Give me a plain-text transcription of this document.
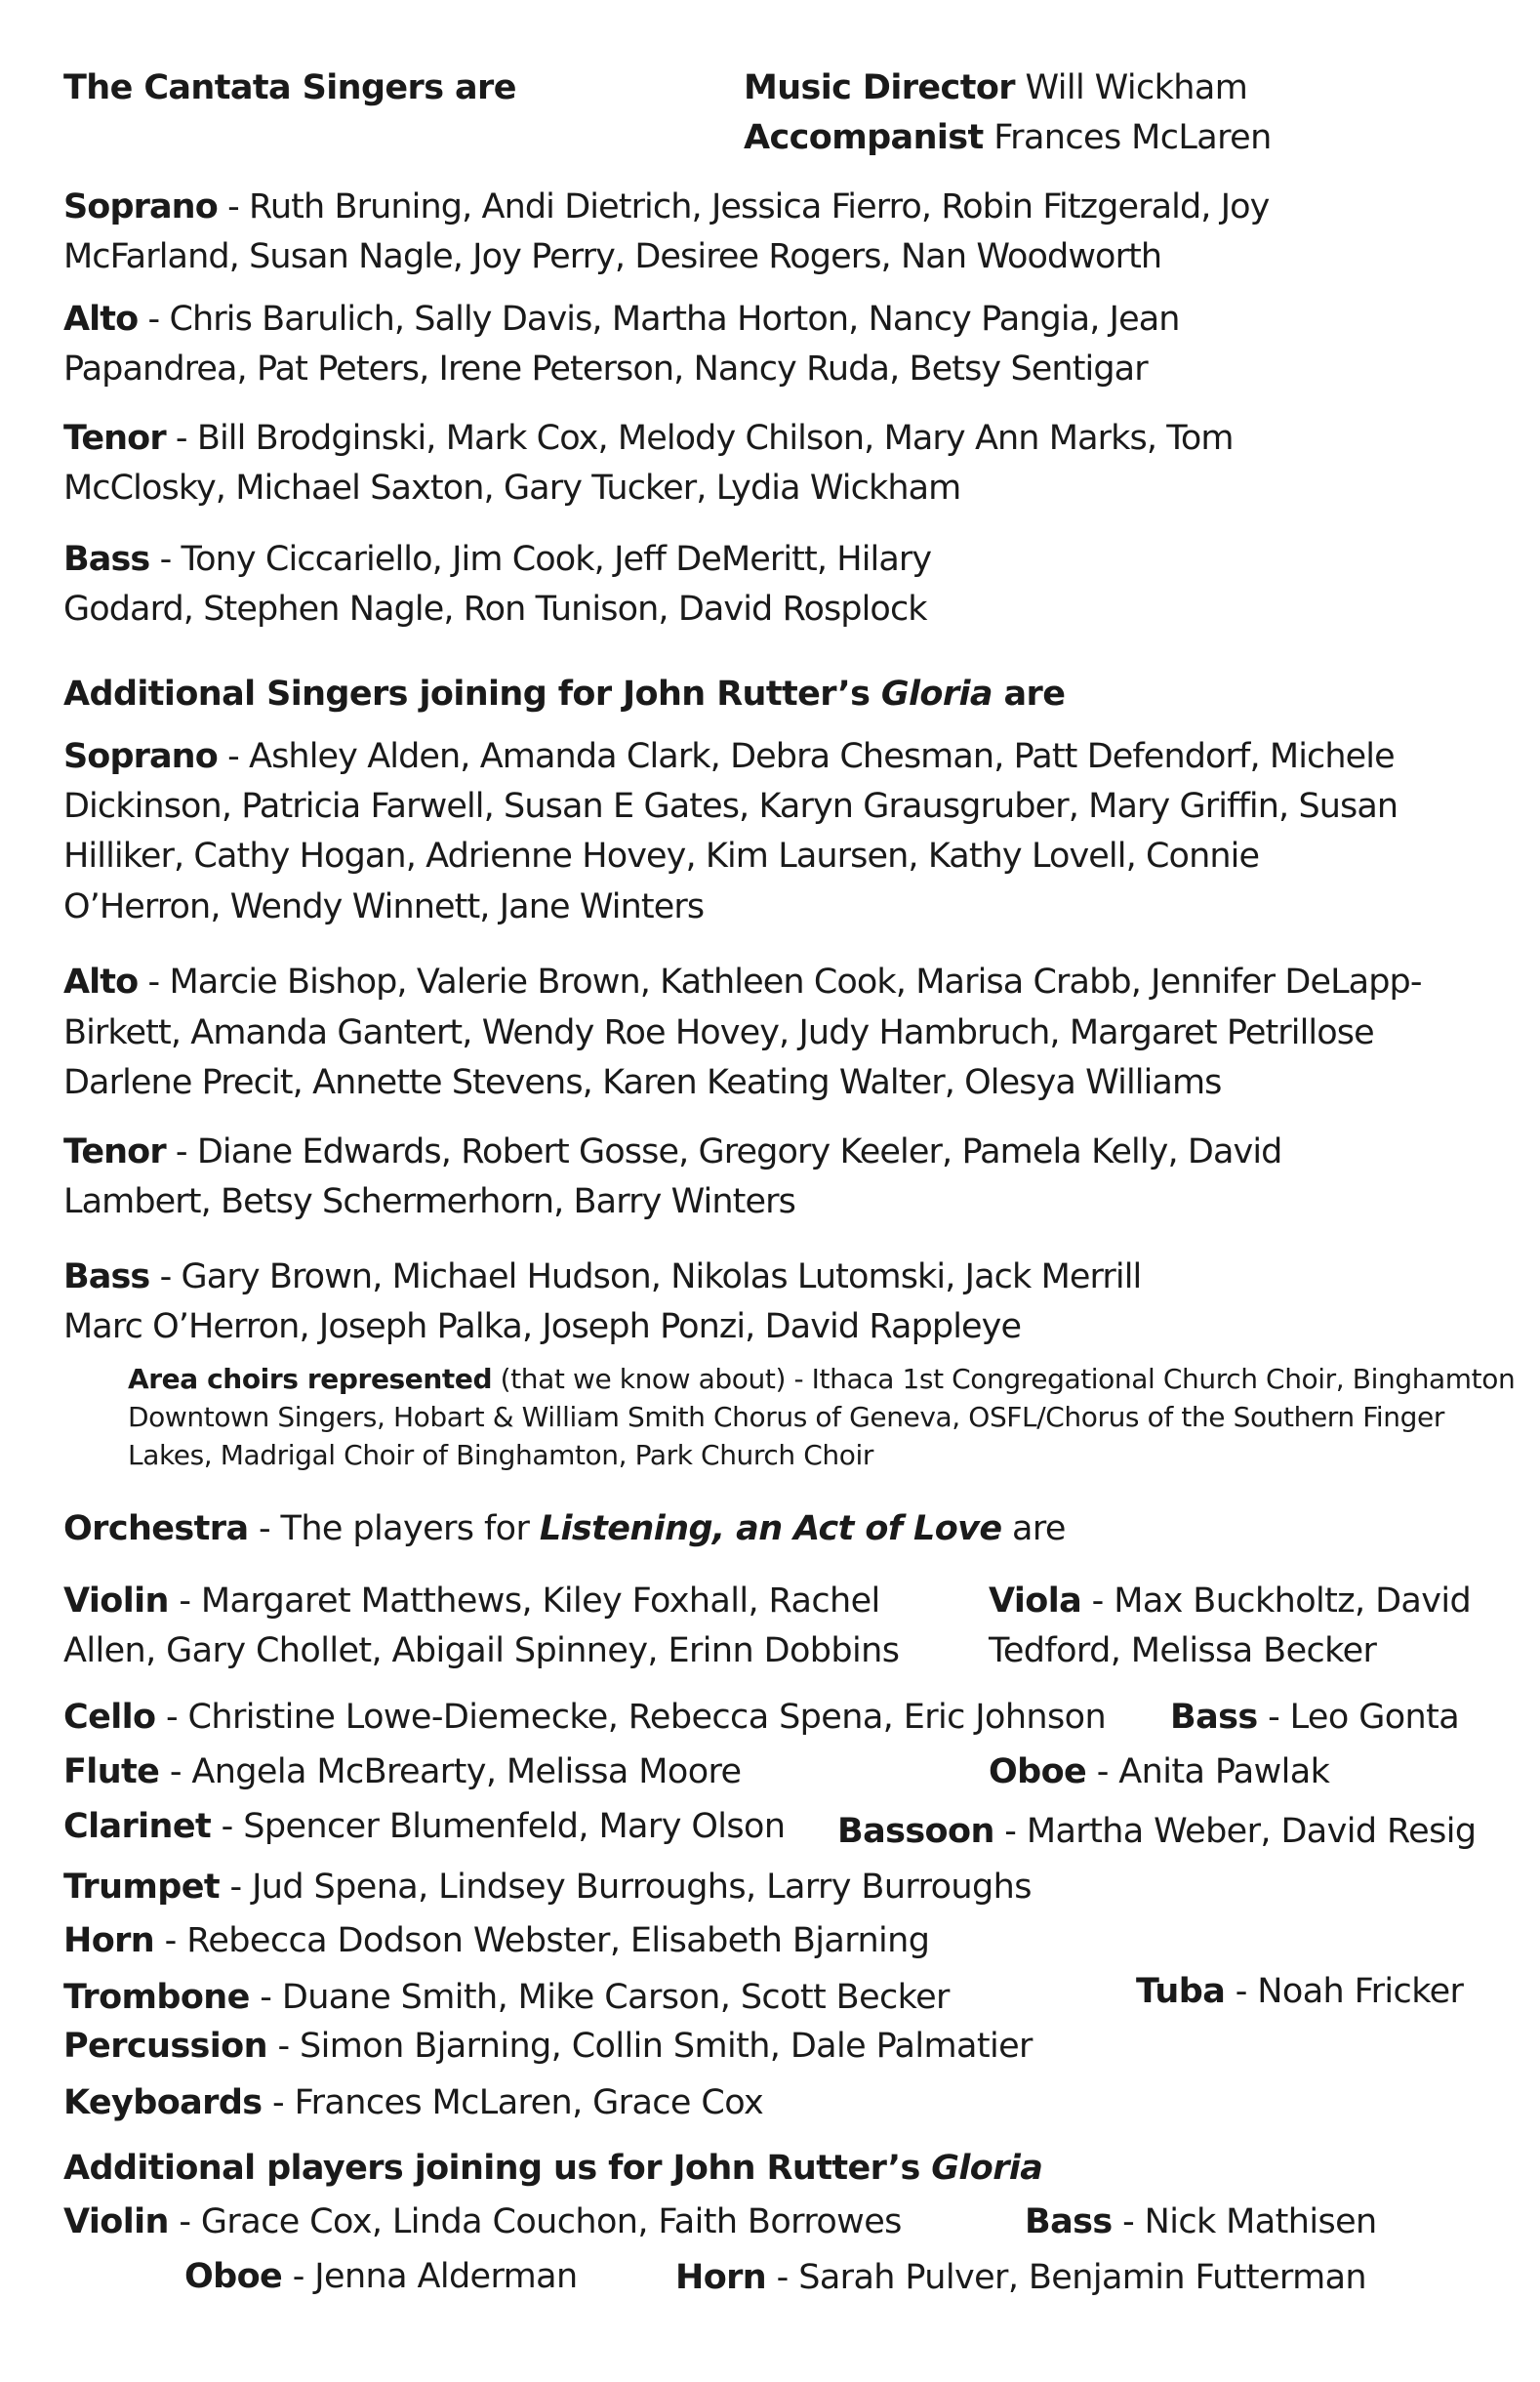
The Cantata Singers are	Music Director Will Wickham
Accompanist Frances McLaren
Soprano - Ruth Bruning, Andi Dietrich, Jessica Fierro, Robin Fitzgerald, Joy
McFarland, Susan Nagle, Joy Perry, Desiree Rogers, Nan Woodworth
Alto - Chris Barulich, Sally Davis, Martha Horton, Nancy Pangia, Jean
Papandrea, Pat Peters, Irene Peterson, Nancy Ruda, Betsy Sentigar
Tenor - Bill Brodginski, Mark Cox, Melody Chilson, Mary Ann Marks, Tom
McClosky, Michael Saxton, Gary Tucker, Lydia Wickham
Bass - Tony Ciccariello, Jim Cook, Jeff DeMeritt, Hilary
Godard, Stephen Nagle, Ron Tunison, David Rosplock
Additional Singers joining for John Rutter’s Gloria are
Soprano - Ashley Alden, Amanda Clark, Debra Chesman, Patt Defendorf, Michele
Dickinson, Patricia Farwell, Susan E Gates, Karyn Grausgruber, Mary Griffin, Susan
Hilliker, Cathy Hogan, Adrienne Hovey, Kim Laursen, Kathy Lovell, Connie
O’Herron, Wendy Winnett, Jane Winters
Alto - Marcie Bishop, Valerie Brown, Kathleen Cook, Marisa Crabb, Jennifer DeLapp-
Birkett, Amanda Gantert, Wendy Roe Hovey, Judy Hambruch, Margaret Petrillose
Darlene Precit, Annette Stevens, Karen Keating Walter, Olesya Williams
Tenor - Diane Edwards, Robert Gosse, Gregory Keeler, Pamela Kelly, David
Lambert, Betsy Schermerhorn, Barry Winters
Bass - Gary Brown, Michael Hudson, Nikolas Lutomski, Jack Merrill
Marc O’Herron, Joseph Palka, Joseph Ponzi, David Rappleye
Area choirs represented (that we know about) - Ithaca 1st Congregational Church Choir, Binghamton
Downtown Singers, Hobart & William Smith Chorus of Geneva, OSFL/Chorus of the Southern Finger
Lakes, Madrigal Choir of Binghamton, Park Church Choir
Orchestra - The players for Listening, an Act of Love are
Violin - Margaret Matthews, Kiley Foxhall, Rachel
Allen, Gary Chollet, Abigail Spinney, Erinn Dobbins
Viola - Max Buckholtz, David
Tedford, Melissa Becker
Cello - Christine Lowe-Diemecke, Rebecca Spena, Eric Johnson Bass - Leo Gonta
Flute - Angela McBrearty, Melissa Moore	Oboe - Anita Pawlak
Clarinet - Spencer Blumenfeld, Mary Olson Bassoon - Martha Weber, David Resig
Trumpet - Jud Spena, Lindsey Burroughs, Larry Burroughs
Horn - Rebecca Dodson Webster, Elisabeth Bjarning
Trombone - Duane Smith, Mike Carson, Scott Becker	Tuba - Noah Fricker
Percussion - Simon Bjarning, Collin Smith, Dale Palmatier
Keyboards - Frances McLaren, Grace Cox
Additional players joining us for John Rutter’s Gloria
Violin - Grace Cox, Linda Couchon, Faith Borrowes	Bass - Nick Mathisen
Oboe - Jenna Alderman	Horn - Sarah Pulver, Benjamin Futterman
